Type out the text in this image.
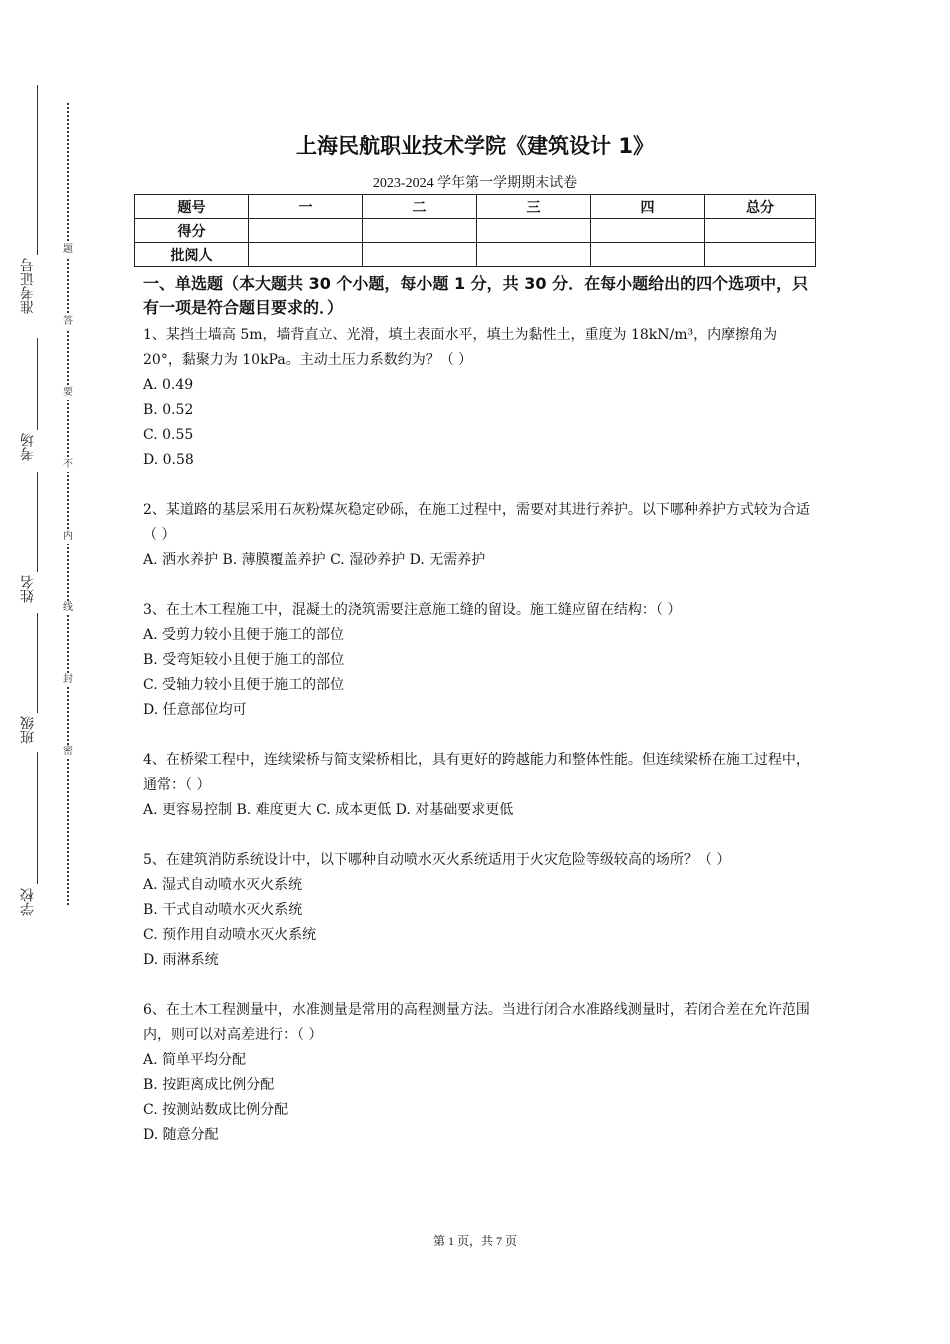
准考证号
考场
姓名
班级
学校
题
答
要
不
内
线
封
密
上海民航职业技术学院《建筑设计 1》
2023-2024 学年第一学期期末试卷
题号	一	二	三	四	总分
得分					
批阅人					
一、单选题（本大题共 30 个小题，每小题 1 分，共 30 分．在每小题给出的四个选项中，只有一项是符合题目要求的．）
1、某挡土墙高 5m，墙背直立、光滑，填土表面水平，填土为黏性土，重度为 18kN/m³，内摩擦角为 20°，黏聚力为 10kPa。主动土压力系数约为？（ ）
A. 0.49
B. 0.52
C. 0.55
D. 0.58
2、某道路的基层采用石灰粉煤灰稳定砂砾，在施工过程中，需要对其进行养护。以下哪种养护方式较为合适（ ）
A. 洒水养护 B. 薄膜覆盖养护 C. 湿砂养护 D. 无需养护
3、在土木工程施工中，混凝土的浇筑需要注意施工缝的留设。施工缝应留在结构：（ ）
A. 受剪力较小且便于施工的部位
B. 受弯矩较小且便于施工的部位
C. 受轴力较小且便于施工的部位
D. 任意部位均可
4、在桥梁工程中，连续梁桥与简支梁桥相比，具有更好的跨越能力和整体性能。但连续梁桥在施工过程中，通常：（ ）
A. 更容易控制 B. 难度更大 C. 成本更低 D. 对基础要求更低
5、在建筑消防系统设计中，以下哪种自动喷水灭火系统适用于火灾危险等级较高的场所？（ ）
A. 湿式自动喷水灭火系统
B. 干式自动喷水灭火系统
C. 预作用自动喷水灭火系统
D. 雨淋系统
6、在土木工程测量中，水准测量是常用的高程测量方法。当进行闭合水准路线测量时，若闭合差在允许范围内，则可以对高差进行：（ ）
A. 简单平均分配
B. 按距离成比例分配
C. 按测站数成比例分配
D. 随意分配
第 1 页，共 7 页
